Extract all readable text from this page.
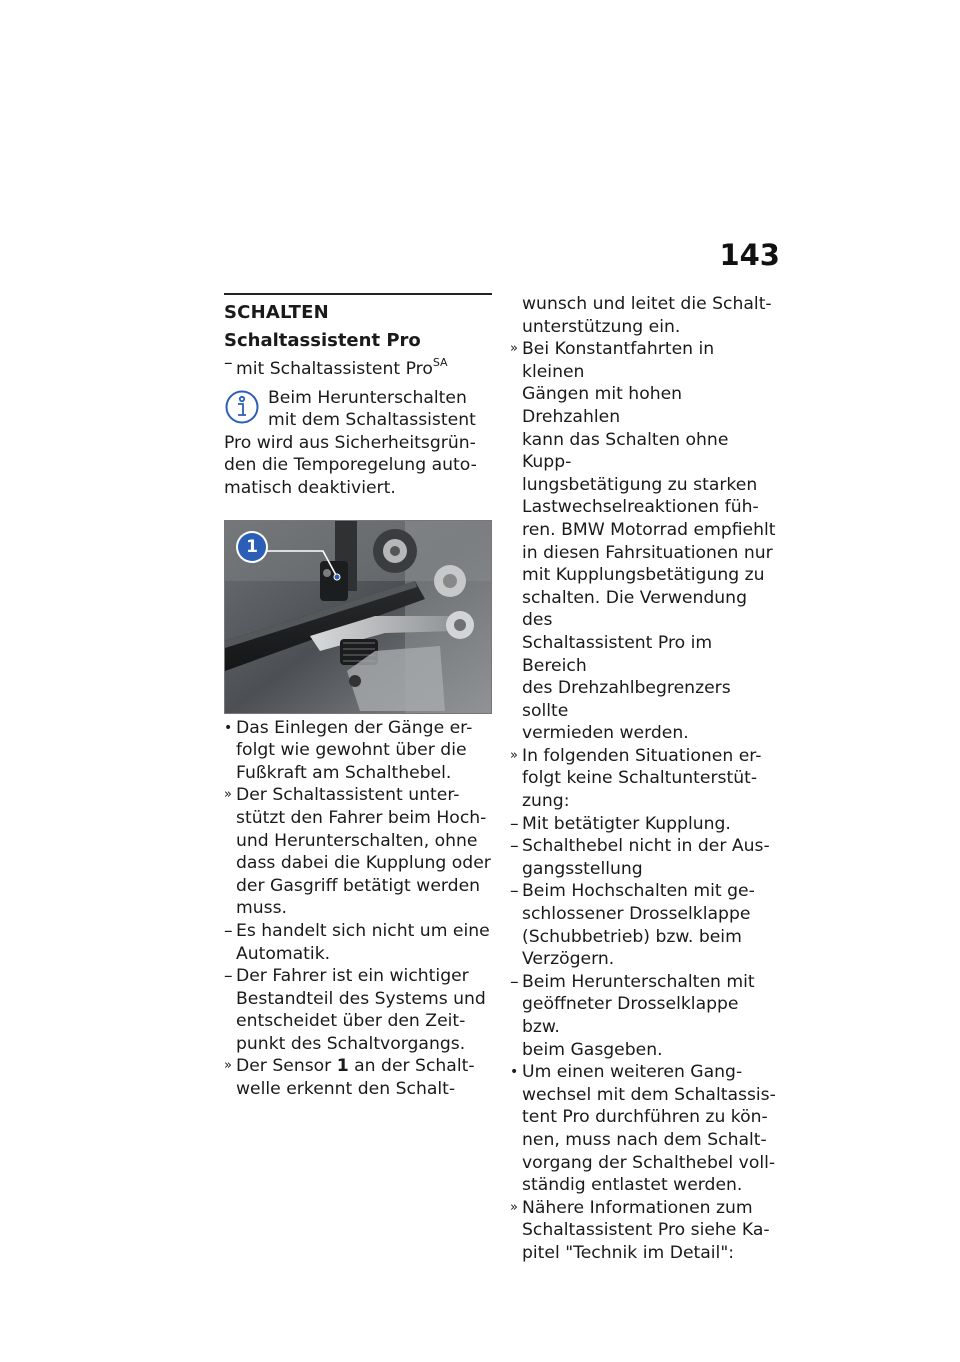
143
SCHALTEN
Schaltassistent Pro
– mit Schaltassistent Pro$^{SA}$
Beim Herunterschalten
mit dem Schaltassistent
Pro wird aus Sicherheitsgrün-
den die Temporegelung auto-
matisch deaktiviert.
1
• Das Einlegen der Gänge er-
folgt wie gewohnt über die
Fußkraft am Schalthebel.
» Der Schaltassistent unter-
stützt den Fahrer beim Hoch-
und Herunterschalten, ohne
dass dabei die Kupplung oder
der Gasgriff betätigt werden
muss.
– Es handelt sich nicht um eine
Automatik.
– Der Fahrer ist ein wichtiger
Bestandteil des Systems und
entscheidet über den Zeit-
punkt des Schaltvorgangs.
» Der Sensor 1 an der Schalt-
welle erkennt den Schalt-
wunsch und leitet die Schalt-
unterstützung ein.
» Bei Konstantfahrten in kleinen
Gängen mit hohen Drehzahlen
kann das Schalten ohne Kupp-
lungsbetätigung zu starken
Lastwechselreaktionen füh-
ren. BMW Motorrad empfiehlt
in diesen Fahrsituationen nur
mit Kupplungsbetätigung zu
schalten. Die Verwendung des
Schaltassistent Pro im Bereich
des Drehzahlbegrenzers sollte
vermieden werden.
» In folgenden Situationen er-
folgt keine Schaltunterstüt-
zung:
– Mit betätigter Kupplung.
– Schalthebel nicht in der Aus-
gangsstellung
– Beim Hochschalten mit ge-
schlossener Drosselklappe
(Schubbetrieb) bzw. beim
Verzögern.
– Beim Herunterschalten mit
geöffneter Drosselklappe bzw.
beim Gasgeben.
• Um einen weiteren Gang-
wechsel mit dem Schaltassis-
tent Pro durchführen zu kön-
nen, muss nach dem Schalt-
vorgang der Schalthebel voll-
ständig entlastet werden.
» Nähere Informationen zum
Schaltassistent Pro siehe Ka-
pitel "Technik im Detail":
